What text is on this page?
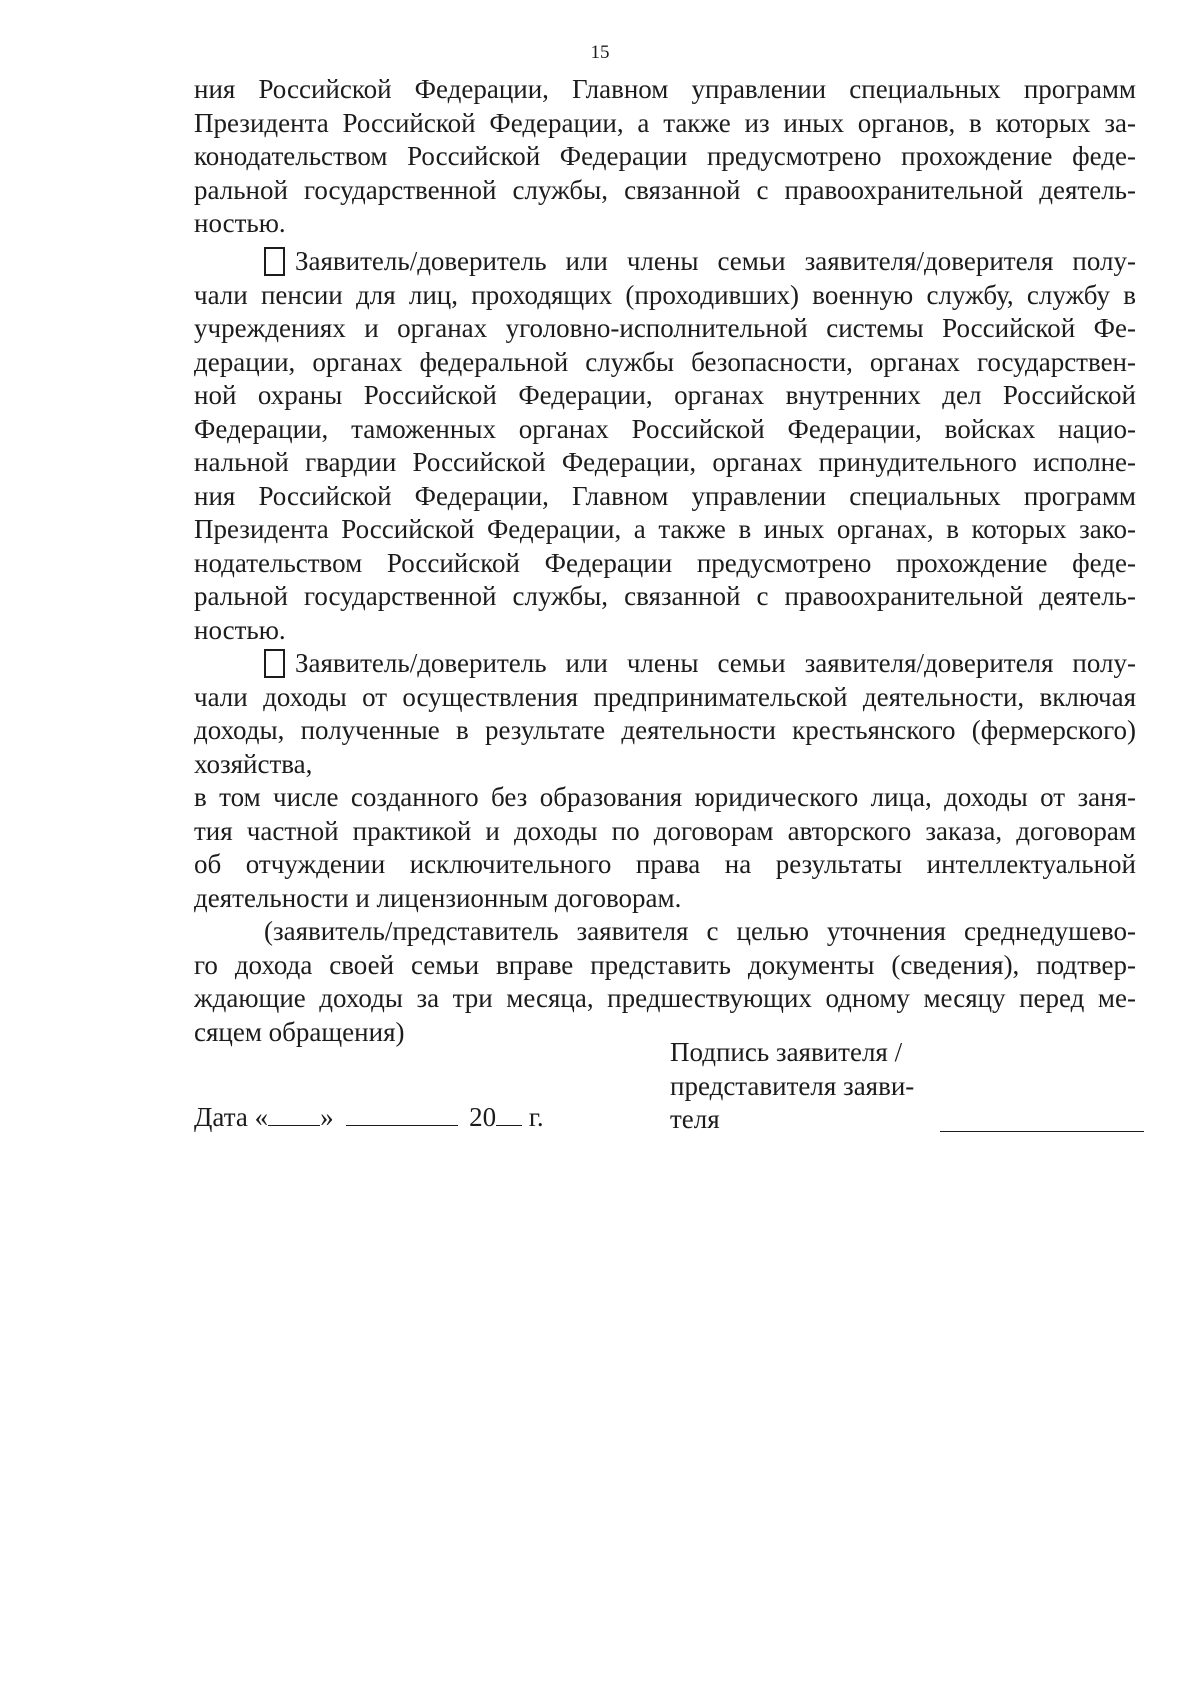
15
ния Российской Федерации, Главном управлении специальных программ
Президента Российской Федерации, а также из иных органов, в которых за-
конодательством Российской Федерации предусмотрено прохождение феде-
ральной государственной службы, связанной с правоохранительной деятель-
ностью.
Заявитель/доверитель или члены семьи заявителя/доверителя полу-
чали пенсии для лиц, проходящих (проходивших) военную службу, службу в
учреждениях и органах уголовно-исполнительной системы Российской Фе-
дерации, органах федеральной службы безопасности, органах государствен-
ной охраны Российской Федерации, органах внутренних дел Российской
Федерации, таможенных органах Российской Федерации, войсках нацио-
нальной гвардии Российской Федерации, органах принудительного исполне-
ния Российской Федерации, Главном управлении специальных программ
Президента Российской Федерации, а также в иных органах, в которых зако-
нодательством Российской Федерации предусмотрено прохождение феде-
ральной государственной службы, связанной с правоохранительной деятель-
ностью.
Заявитель/доверитель или члены семьи заявителя/доверителя полу-
чали доходы от осуществления предпринимательской деятельности, включая
доходы, полученные в результате деятельности крестьянского (фермерского)
хозяйства,
в том числе созданного без образования юридического лица, доходы от заня-
тия частной практикой и доходы по договорам авторского заказа, договорам
об отчуждении исключительного права на результаты интеллектуальной
деятельности и лицензионным договорам.
(заявитель/представитель заявителя с целью уточнения среднедушево-
го дохода своей семьи вправе представить документы (сведения), подтвер-
ждающие доходы за три месяца, предшествующих одному месяцу перед ме-
сяцем обращения)
Подпись заявителя /
представителя заяви-
теля
Дата « »	20 г.
